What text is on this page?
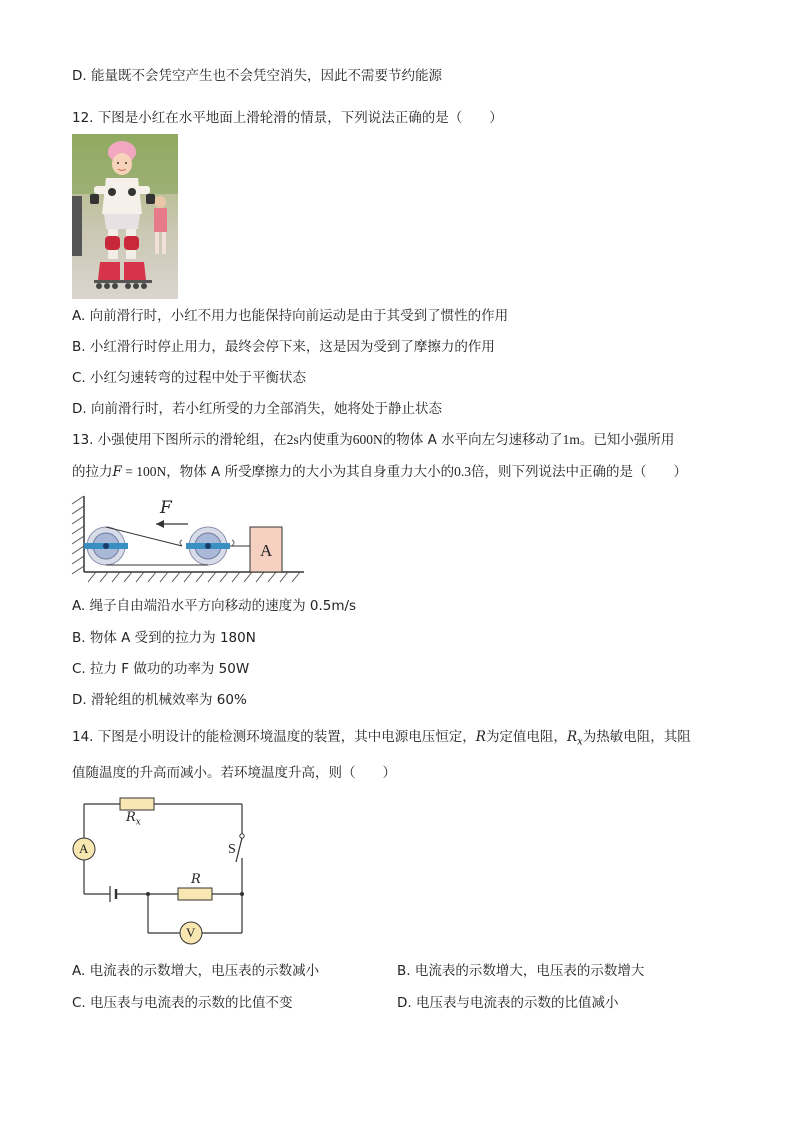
D. 能量既不会凭空产生也不会凭空消失，因此不需要节约能源
12. 下图是小红在水平地面上滑轮滑的情景，下列说法正确的是（　　）
A. 向前滑行时，小红不用力也能保持向前运动是由于其受到了惯性的作用
B. 小红滑行时停止用力，最终会停下来，这是因为受到了摩擦力的作用
C. 小红匀速转弯的过程中处于平衡状态
D. 向前滑行时，若小红所受的力全部消失，她将处于静止状态
13. 小强使用下图所示的滑轮组，在2s内使重为600N的物体 A 水平向左匀速移动了1m。已知小强所用
的拉力F = 100N，物体 A 所受摩擦力的大小为其自身重力大小的0.3倍，则下列说法中正确的是（　　）
F
A
A. 绳子自由端沿水平方向移动的速度为 0.5m/s
B. 物体 A 受到的拉力为 180N
C. 拉力 F 做功的功率为 50W
D. 滑轮组的机械效率为 60%
14. 下图是小明设计的能检测环境温度的装置，其中电源电压恒定，R为定值电阻，$R_x$为热敏电阻，其阻
值随温度的升高而减小。若环境温度升高，则（　　）
$R_x$
S
A
R
V
A. 电流表的示数增大，电压表的示数减小	B. 电流表的示数增大，电压表的示数增大
C. 电压表与电流表的示数的比值不变	D. 电压表与电流表的示数的比值减小
